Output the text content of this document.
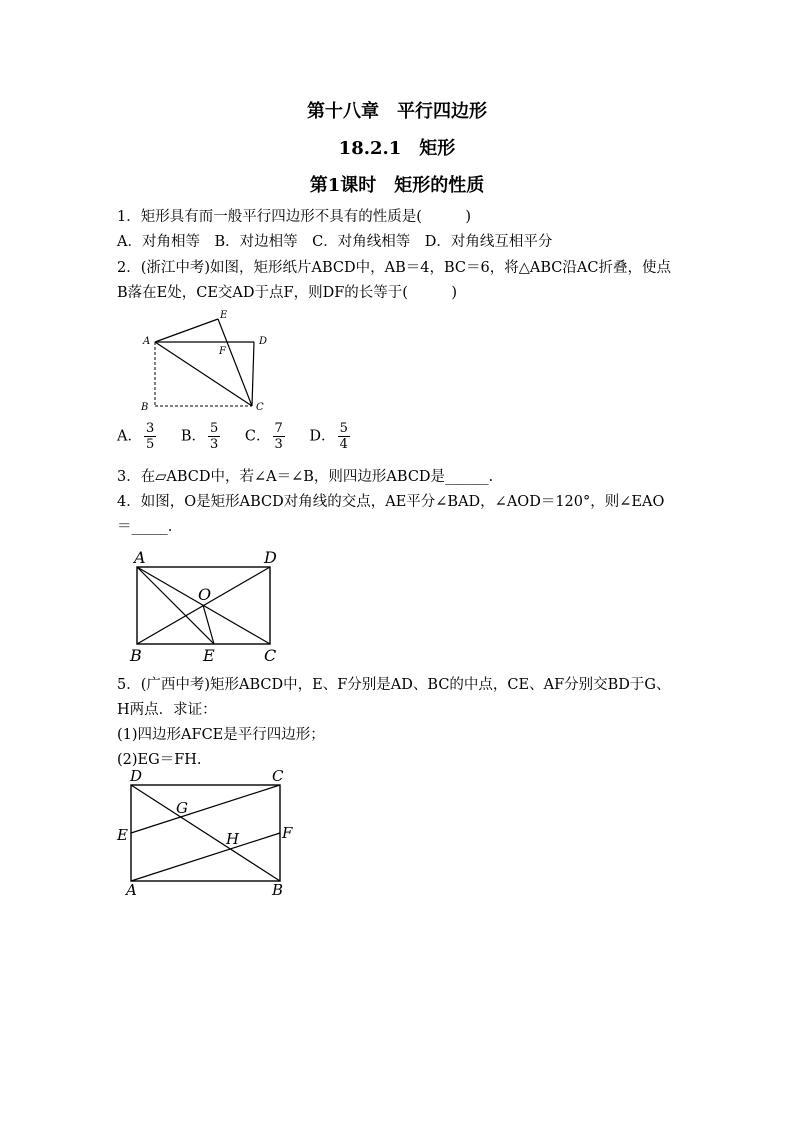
第十八章　平行四边形
18.2.1　矩形
第1课时　矩形的性质
1．矩形具有而一般平行四边形不具有的性质是(　　　)
A．对角相等　B．对边相等　C．对角线相等　D．对角线互相平分
2．(浙江中考)如图，矩形纸片ABCD中，AB＝4，BC＝6，将△ABC沿AC折叠，使点
B落在E处，CE交AD于点F，则DF的长等于(　　　)
A
B	C
D
E
F
A． $\frac{3}{5}$ B． $\frac{5}{3}$ C． $\frac{7}{3}$ D． $\frac{5}{4}$
3．在▱ABCD中，若∠A＝∠B，则四边形ABCD是______.
4．如图，O是矩形ABCD对角线的交点，AE平分∠BAD，∠AOD＝120°，则∠EAO
＝_____.
A
B	C
D
O
E
5．(广西中考)矩形ABCD中，E、F分别是AD、BC的中点，CE、AF分别交BD于G、
H两点．求证：
(1)四边形AFCE是平行四边形；
(2)EG＝FH.
D	C
E	F
G
H
A	B
